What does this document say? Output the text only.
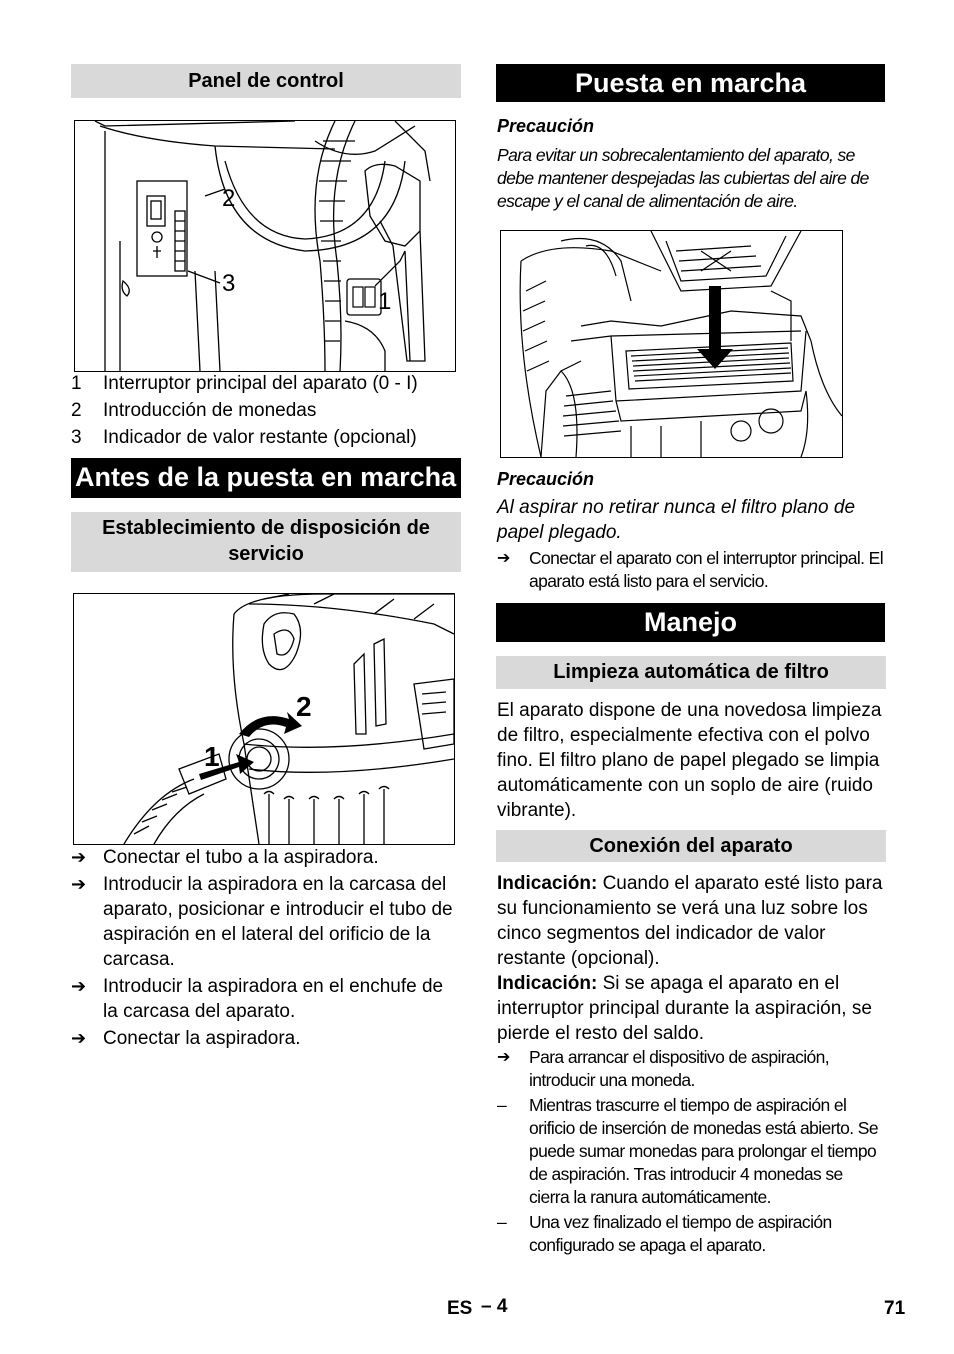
Panel de control
2
3
1
1	Interruptor principal del aparato (0 - I)
2	Introducción de monedas
3	Indicador de valor restante (opcional)
Antes de la puesta en marcha
Establecimiento de disposición de servicio
1
2
➔ Conectar el tubo a la aspiradora.
➔ Introducir la aspiradora en la carcasa del aparato, posicionar e introducir el tubo de aspiración en el lateral del orificio de la carcasa.
➔ Introducir la aspiradora en el enchufe de la carcasa del aparato.
➔ Conectar la aspiradora.
Puesta en marcha
Precaución
Para evitar un sobrecalentamiento del aparato, se debe mantener despejadas las cubiertas del aire de escape y el canal de alimentación de aire.
Precaución
Al aspirar no retirar nunca el filtro plano de papel plegado.
➔	Conectar el aparato con el interruptor principal. El aparato está listo para el servicio.
Manejo
Limpieza automática de filtro
El aparato dispone de una novedosa limpieza de filtro, especialmente efectiva con el polvo fino. El filtro plano de papel plegado se limpia automáticamente con un soplo de aire (ruido vibrante).
Conexión del aparato
Indicación: Cuando el aparato esté listo para su funcionamiento se verá una luz sobre los cinco segmentos del indicador de valor restante (opcional).
Indicación: Si se apaga el aparato en el interruptor principal durante la aspiración, se pierde el resto del saldo.
➔	Para arrancar el dispositivo de aspiración, introducir una moneda.
–	Mientras trascurre el tiempo de aspiración el orificio de inserción de monedas está abierto. Se puede sumar monedas para prolongar el tiempo de aspiración. Tras introducir 4 monedas se cierra la ranura automáticamente.
–	Una vez finalizado el tiempo de aspiración configurado se apaga el aparato.
ES – 4	71
